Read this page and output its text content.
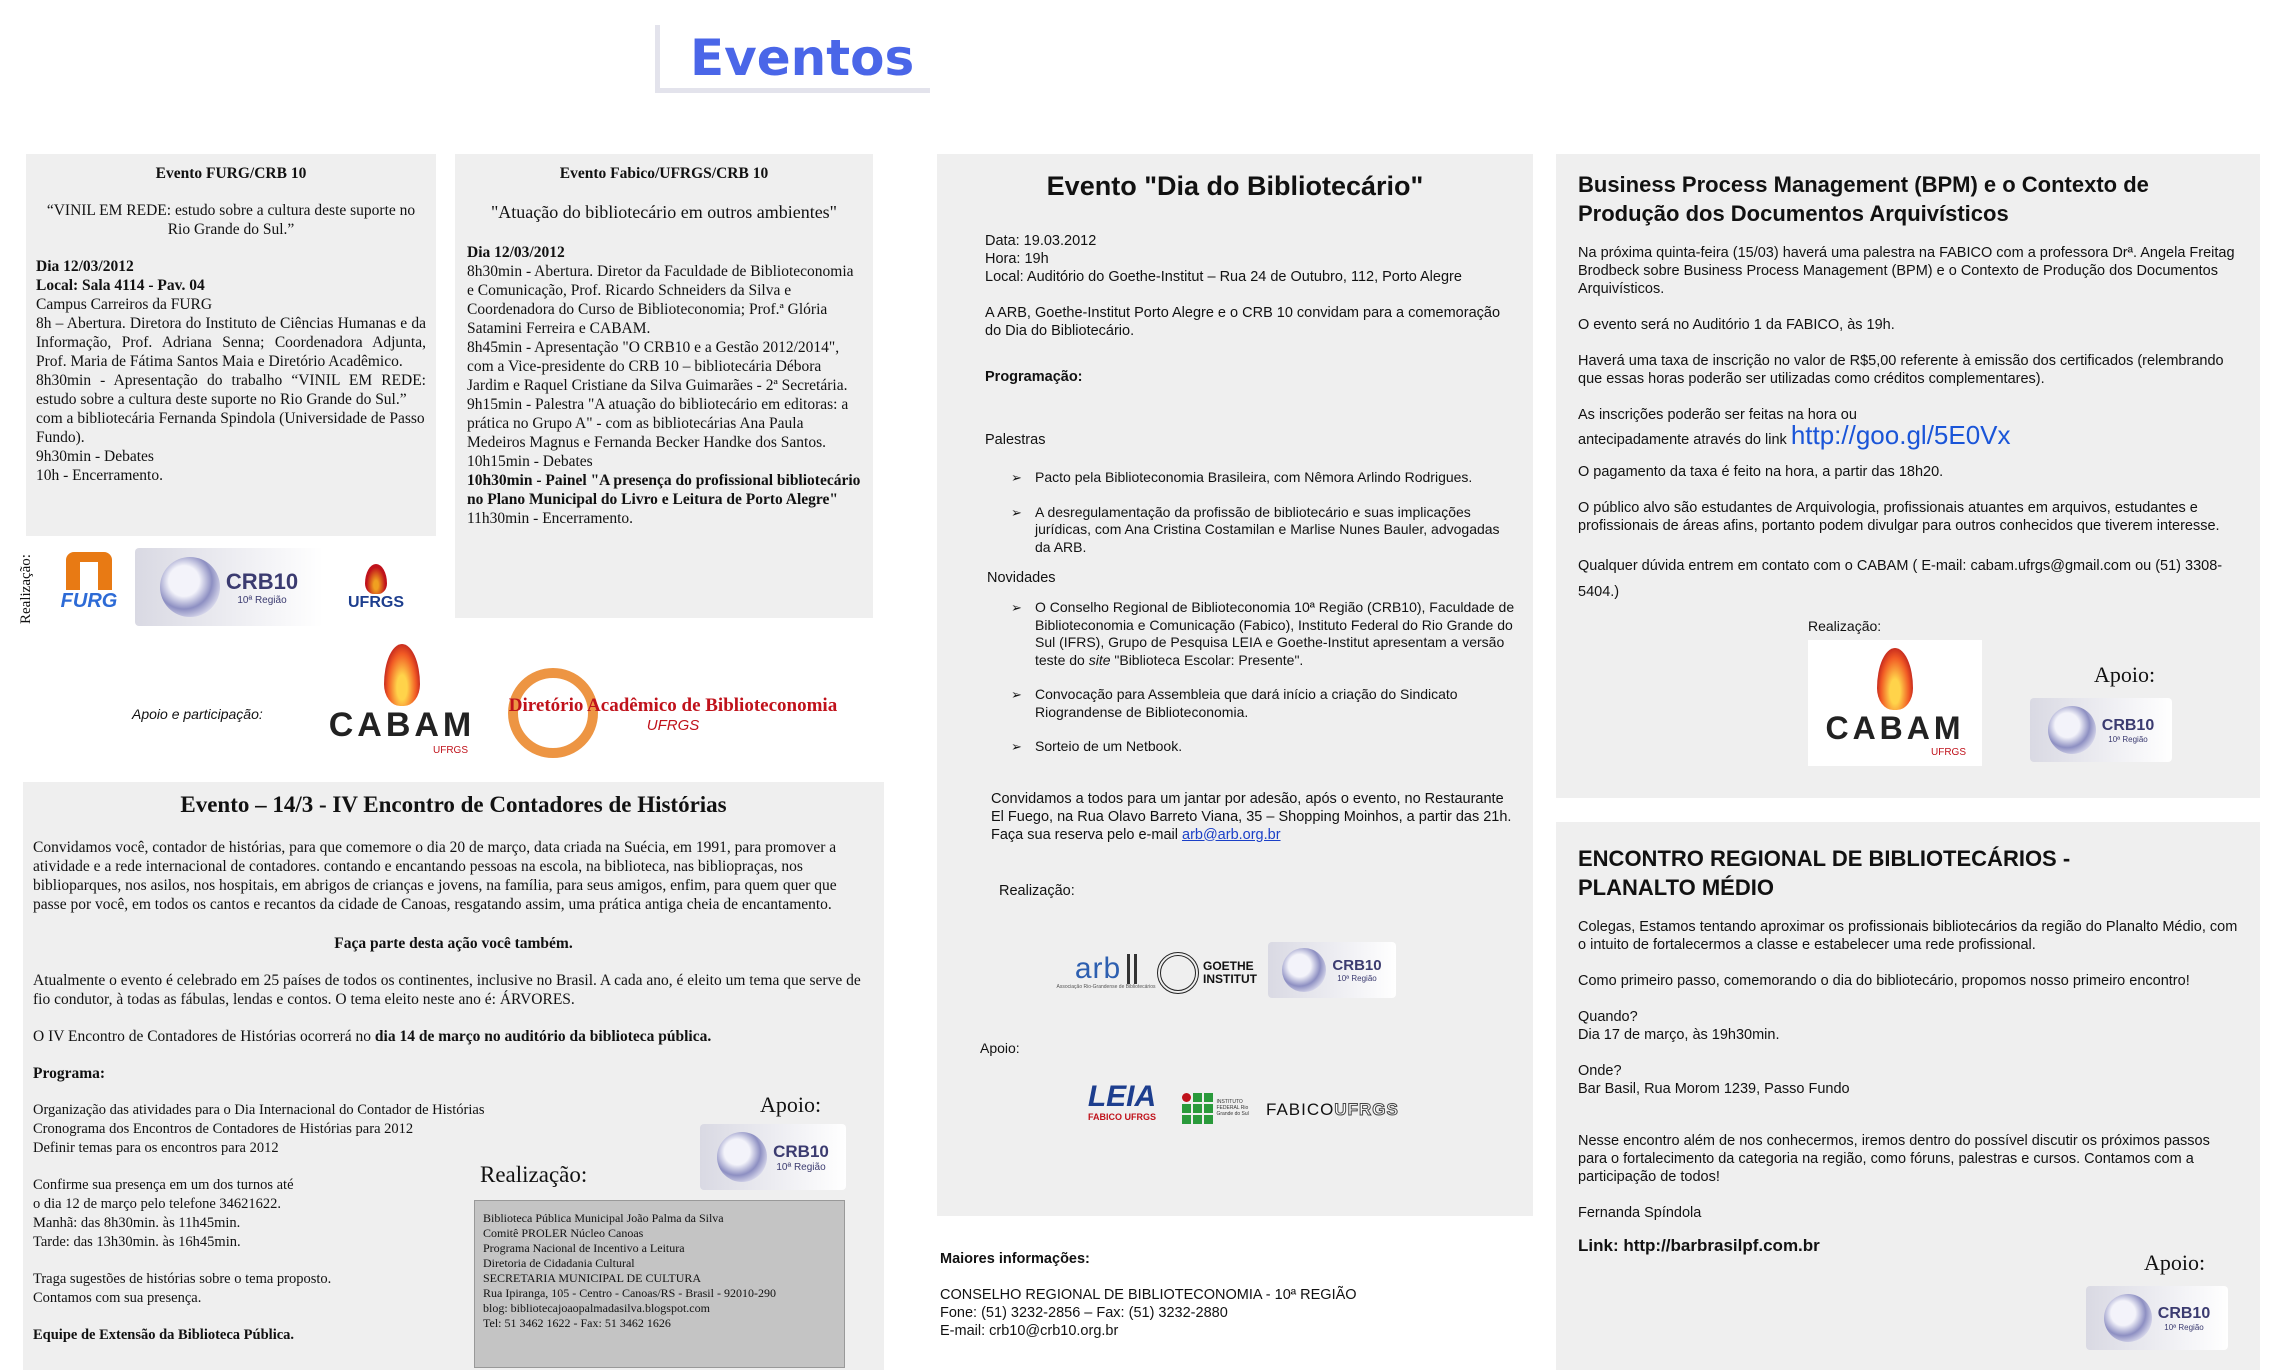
Eventos

Evento FURG/CRB 10

“VINIL EM REDE: estudo sobre a cultura deste suporte no Rio Grande do Sul.”

Dia 12/03/2012

Local: Sala 4114 - Pav. 04

Campus Carreiros da FURG

8h – Abertura. Diretora do Instituto de Ciências Humanas e da Informação, Prof. Adriana Senna; Coordenadora Adjunta, Prof. Maria de Fátima Santos Maia e Diretório Acadêmico.

8h30min - Apresentação do trabalho “VINIL EM REDE: estudo sobre a cultura deste suporte no Rio Grande do Sul.”

com a bibliotecária Fernanda Spindola (Universidade de Passo Fundo).

9h30min - Debates

10h - Encerramento.

Realização: FURG
CRB10
10ª Região	UFRGS

Evento Fabico/UFRGS/CRB 10

"Atuação do bibliotecário em outros ambientes"

Dia 12/03/2012

8h30min - Abertura. Diretor da Faculdade de Biblioteconomia e Comunicação, Prof. Ricardo Schneiders da Silva e Coordenadora do Curso de Biblioteconomia; Prof.ª Glória Satamini Ferreira e CABAM.

8h45min - Apresentação "O CRB10 e a Gestão 2012/2014", com a Vice-presidente do CRB 10 – bibliotecária Débora Jardim e Raquel Cristiane da Silva Guimarães - 2ª Secretária.

9h15min - Palestra "A atuação do bibliotecário em editoras: a prática no Grupo A" - com as bibliotecárias Ana Paula Medeiros Magnus e Fernanda Becker Handke dos Santos.

10h15min - Debates

10h30min - Painel "A presença do profissional bibliotecário no Plano Municipal do Livro e Leitura de Porto Alegre"

11h30min - Encerramento.

Apoio e participação: CABAM
UFRGS
Diretório Acadêmico de Biblioteconomia
UFRGS

Evento – 14/3 - IV Encontro de Contadores de Histórias

Convidamos você, contador de histórias, para que comemore o dia 20 de março, data criada na Suécia, em 1991, para promover a atividade e a rede internacional de contadores. contando e encantando pessoas na escola, na biblioteca, nas bibliopraças, nos biblioparques, nos asilos, nos hospitais, em abrigos de crianças e jovens, na família, para seus amigos, enfim, para quem quer que passe por você, em todos os cantos e recantos da cidade de Canoas, resgatando assim, uma prática antiga cheia de encantamento.

Faça parte desta ação você também.

Atualmente o evento é celebrado em 25 países de todos os continentes, inclusive no Brasil. A cada ano, é eleito um tema que serve de fio condutor, à todas as fábulas, lendas e contos. O tema eleito neste ano é: ÁRVORES.

O IV Encontro de Contadores de Histórias ocorrerá no dia 14 de março no auditório da biblioteca pública.

Programa:

Organização das atividades para o Dia Internacional do Contador de Histórias

Cronograma dos Encontros de Contadores de Histórias para 2012

Definir temas para os encontros para 2012

Confirme sua presença em um dos turnos até

o dia 12 de março pelo telefone 34621622.

Manhã: das 8h30min. às 11h45min.

Tarde: das 13h30min. às 16h45min.

Traga sugestões de histórias sobre o tema proposto.

Contamos com sua presença.

Equipe de Extensão da Biblioteca Pública.

Apoio:
CRB10
10ª Região
Realização:
Biblioteca Pública Municipal João Palma da Silva
Comitê PROLER Núcleo Canoas
Programa Nacional de Incentivo a Leitura
Diretoria de Cidadania Cultural
SECRETARIA MUNICIPAL DE CULTURA
Rua Ipiranga, 105 - Centro - Canoas/RS - Brasil - 92010-290
blog: bibliotecajoaopalmadasilva.blogspot.com
Tel: 51 3462 1622 - Fax: 51 3462 1626

Evento "Dia do Bibliotecário"

Data: 19.03.2012

Hora: 19h

Local: Auditório do Goethe-Institut – Rua 24 de Outubro, 112, Porto Alegre

A ARB, Goethe-Institut Porto Alegre e o CRB 10 convidam para a comemoração do Dia do Bibliotecário.

Programação:

Palestras

➢ Pacto pela Biblioteconomia Brasileira, com Nêmora Arlindo Rodrigues.
➢ A desregulamentação da profissão de bibliotecário e suas implicações jurídicas, com Ana Cristina Costamilan e Marlise Nunes Bauler, advogadas da ARB.

Novidades

➢ O Conselho Regional de Biblioteconomia 10ª Região (CRB10), Faculdade de Biblioteconomia e Comunicação (Fabico), Instituto Federal do Rio Grande do Sul (IFRS), Grupo de Pesquisa LEIA e Goethe-Institut apresentam a versão teste do site "Biblioteca Escolar: Presente".
➢ Convocação para Assembleia que dará início a criação do Sindicato Riograndense de Biblioteconomia.
➢ Sorteio de um Netbook.

Convidamos a todos para um jantar por adesão, após o evento, no Restaurante El Fuego, na Rua Olavo Barreto Viana, 35 – Shopping Moinhos, a partir das 21h.

Faça sua reserva pelo e-mail arb@arb.org.br

Realização:

arb
Associação Rio-Grandense de Bibliotecários
GOETHE
INSTITUT
CRB10
10ª Região
Apoio:
LEIA
FABICO UFRGS
INSTITUTO FEDERAL Rio Grande do Sul FABICOUFRGS

Maiores informações:

CONSELHO REGIONAL DE BIBLIOTECONOMIA - 10ª REGIÃO

Fone: (51) 3232-2856 – Fax: (51) 3232-2880

E-mail: crb10@crb10.org.br

Business Process Management (BPM) e o Contexto de Produção dos Documentos Arquivísticos

Na próxima quinta-feira (15/03) haverá uma palestra na FABICO com a professora Drª. Angela Freitag Brodbeck sobre Business Process Management (BPM) e o Contexto de Produção dos Documentos Arquivísticos.

O evento será no Auditório 1 da FABICO, às 19h.

Haverá uma taxa de inscrição no valor de R$5,00 referente à emissão dos certificados (relembrando que essas horas poderão ser utilizadas como créditos complementares).

As inscrições poderão ser feitas na hora ou

antecipadamente através do link http://goo.gl/5E0Vx

O pagamento da taxa é feito na hora, a partir das 18h20.

O público alvo são estudantes de Arquivologia, profissionais atuantes em arquivos, estudantes e profissionais de áreas afins, portanto podem divulgar para outros conhecidos que tiverem interesse.

Qualquer dúvida entrem em contato com o CABAM ( E-mail: cabam.ufrgs@gmail.com ou (51) 3308-5404.)

Realização:
CABAM
UFRGS
Apoio:
CRB10
10ª Região

ENCONTRO REGIONAL DE BIBLIOTECÁRIOS - PLANALTO MÉDIO

Colegas, Estamos tentando aproximar os profissionais bibliotecários da região do Planalto Médio, com o intuito de fortalecermos a classe e estabelecer uma rede profissional.

Como primeiro passo, comemorando o dia do bibliotecário, propomos nosso primeiro encontro!

Quando?

Dia 17 de março, às 19h30min.

Onde?

Bar Basil, Rua Morom 1239, Passo Fundo

Nesse encontro além de nos conhecermos, iremos dentro do possível discutir os próximos passos para o fortalecimento da categoria na região, como fóruns, palestras e cursos. Contamos com a participação de todos!

Fernanda Spíndola

Link: http://barbrasilpf.com.br

Apoio:
CRB10
10ª Região
